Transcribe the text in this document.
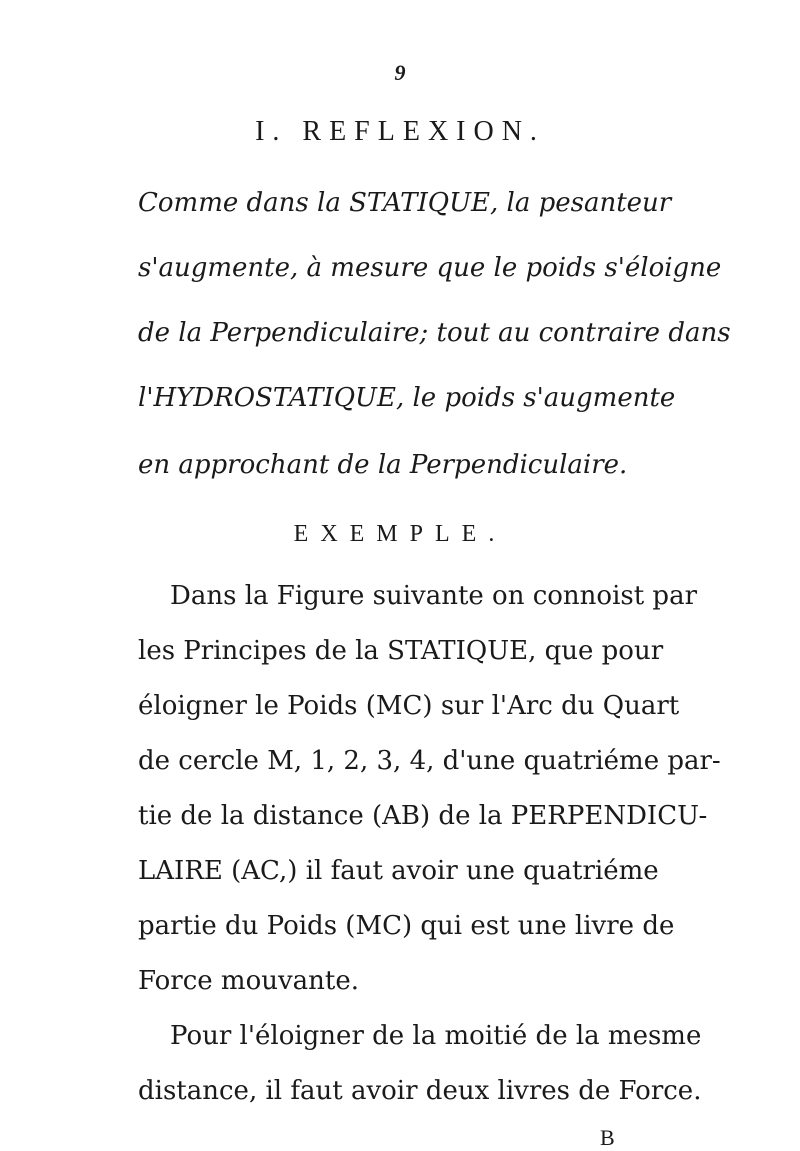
9
I. REFLEXION.
Comme dans la STATIQUE, la pesanteur
s'augmente, à mesure que le poids s'éloigne
de la Perpendiculaire; tout au contraire dans
l'HYDROSTATIQUE, le poids s'augmente
en approchant de la Perpendiculaire.
EXEMPLE.
Dans la Figure suivante on connoist par
les Principes de la STATIQUE, que pour
éloigner le Poids (MC) sur l'Arc du Quart
de cercle M, 1, 2, 3, 4, d'une quatriéme par-
tie de la distance (AB) de la PERPENDICU-
LAIRE (AC,) il faut avoir une quatriéme
partie du Poids (MC) qui est une livre de
Force mouvante.
B
Pour l'éloigner de la moitié de la mesme
distance, il faut avoir deux livres de Force.
